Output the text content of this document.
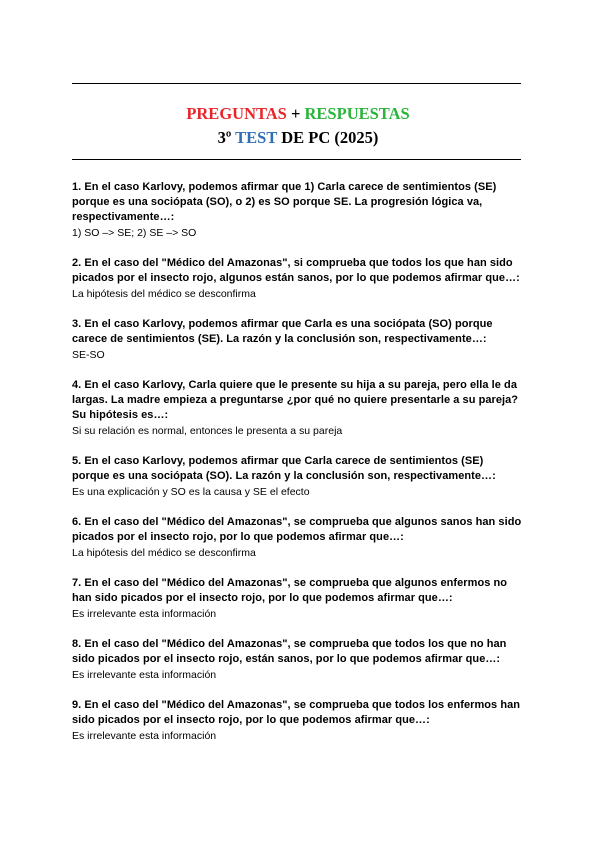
PREGUNTAS + RESPUESTAS
3º TEST DE PC (2025)
1. En el caso Karlovy, podemos afirmar que 1) Carla carece de sentimientos (SE) porque es una sociópata (SO), o 2) es SO porque SE. La progresión lógica va, respectivamente…:
1) SO –> SE; 2) SE –> SO
2. En el caso del "Médico del Amazonas", si comprueba que todos los que han sido picados por el insecto rojo, algunos están sanos, por lo que podemos afirmar que…:
La hipótesis del médico se desconfirma
3. En el caso Karlovy, podemos afirmar que Carla es una sociópata (SO) porque carece de sentimientos (SE). La razón y la conclusión son, respectivamente…:
SE-SO
4. En el caso Karlovy, Carla quiere que le presente su hija a su pareja, pero ella le da largas. La madre empieza a preguntarse ¿por qué no quiere presentarle a su pareja? Su hipótesis es…:
Si su relación es normal, entonces le presenta a su pareja
5. En el caso Karlovy, podemos afirmar que Carla carece de sentimientos (SE) porque es una sociópata (SO). La razón y la conclusión son, respectivamente…:
Es una explicación y SO es la causa y SE el efecto
6. En el caso del "Médico del Amazonas", se comprueba que algunos sanos han sido picados por el insecto rojo, por lo que podemos afirmar que…:
La hipótesis del médico se desconfirma
7. En el caso del "Médico del Amazonas", se comprueba que algunos enfermos no han sido picados por el insecto rojo, por lo que podemos afirmar que…:
Es irrelevante esta información
8. En el caso del "Médico del Amazonas", se comprueba que todos los que no han sido picados por el insecto rojo, están sanos, por lo que podemos afirmar que…:
Es irrelevante esta información
9. En el caso del "Médico del Amazonas", se comprueba que todos los enfermos han sido picados por el insecto rojo, por lo que podemos afirmar que…:
Es irrelevante esta información
